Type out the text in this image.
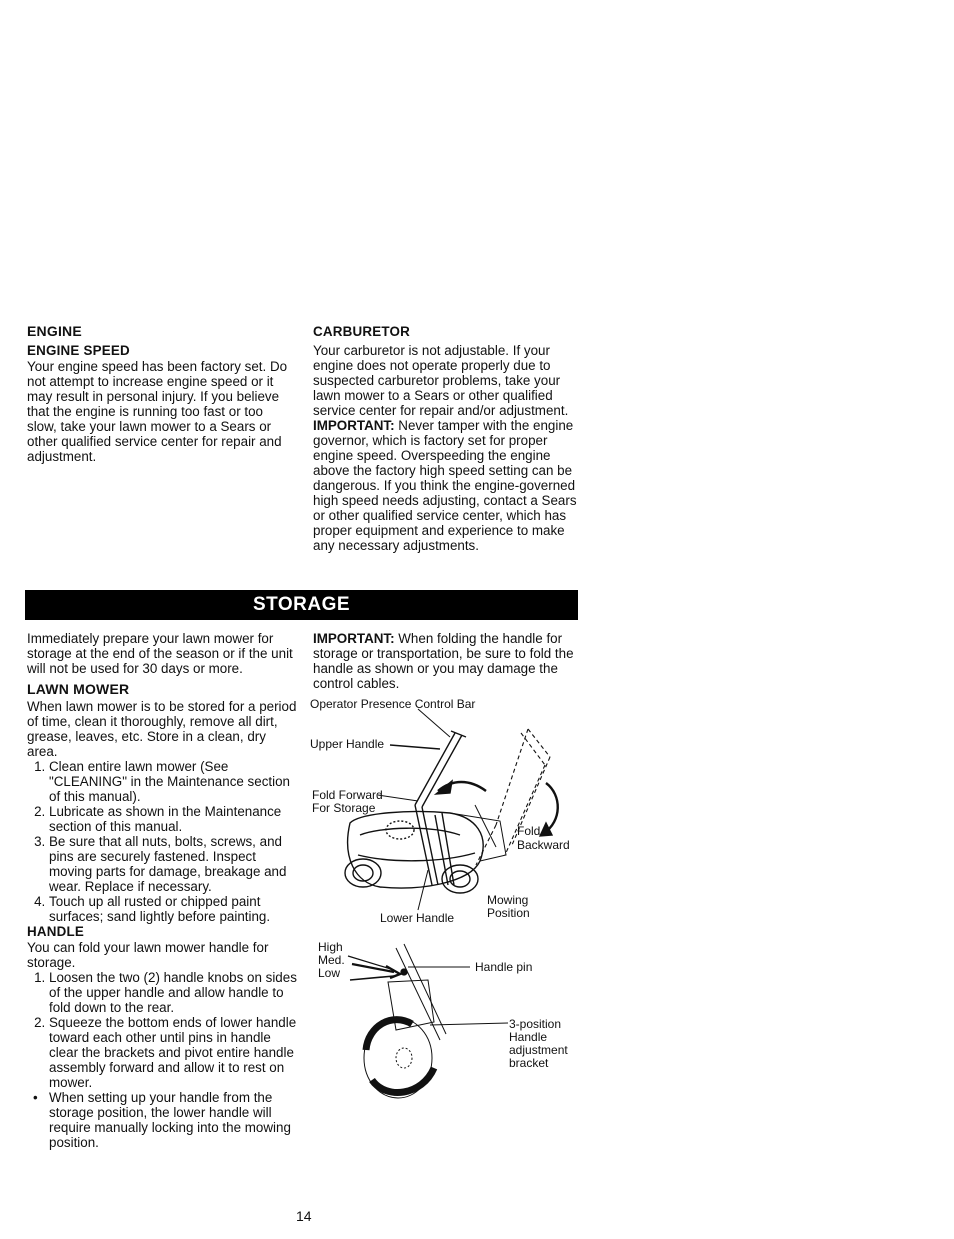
ENGINE
ENGINE SPEED

Your engine speed has been factory set. Do not attempt to increase engine speed or it may result in personal injury. If you believe that the engine is running too fast or too slow, take your lawn mower to a Sears or other qualified service center for repair and adjustment.

CARBURETOR

Your carburetor is not adjustable. If your engine does not operate properly due to suspected carburetor problems, take your lawn mower to a Sears or other qualified service center for repair and/or adjustment.

IMPORTANT: Never tamper with the engine governor, which is factory set for proper engine speed. Overspeeding the engine above the factory high speed setting can be dangerous. If you think the engine-governed high speed needs adjusting, contact a Sears or other qualified service center, which has proper equipment and experience to make any necessary adjustments.

STORAGE

Immediately prepare your lawn mower for storage at the end of the season or if the unit will not be used for 30 days or more.

LAWN MOWER

When lawn mower is to be stored for a period of time, clean it thoroughly, remove all dirt, grease, leaves, etc. Store in a clean, dry area.

1. Clean entire lawn mower (See "CLEANING" in the Maintenance section of this manual).
2. Lubricate as shown in the Maintenance section of this manual.
3. Be sure that all nuts, bolts, screws, and pins are securely fastened. Inspect moving parts for damage, breakage and wear. Replace if necessary.
4. Touch up all rusted or chipped paint surfaces; sand lightly before painting.
HANDLE

You can fold your lawn mower handle for storage.

1. Loosen the two (2) handle knobs on sides of the upper handle and allow handle to fold down to the rear.
2. Squeeze the bottom ends of lower handle toward each other until pins in handle clear the brackets and pivot entire handle assembly forward and allow it to rest on mower.
• When setting up your handle from the storage position, the lower handle will require manually locking into the mowing position.

IMPORTANT: When folding the handle for storage or transportation, be sure to fold the handle as shown or you may damage the control cables.

Operator Presence Control Bar
Upper Handle
Fold Forward
For Storage
Fold
Backward
Mowing
Position
Lower Handle
High
Med.
Low	Handle pin
3-position
Handle
adjustment
bracket
14
